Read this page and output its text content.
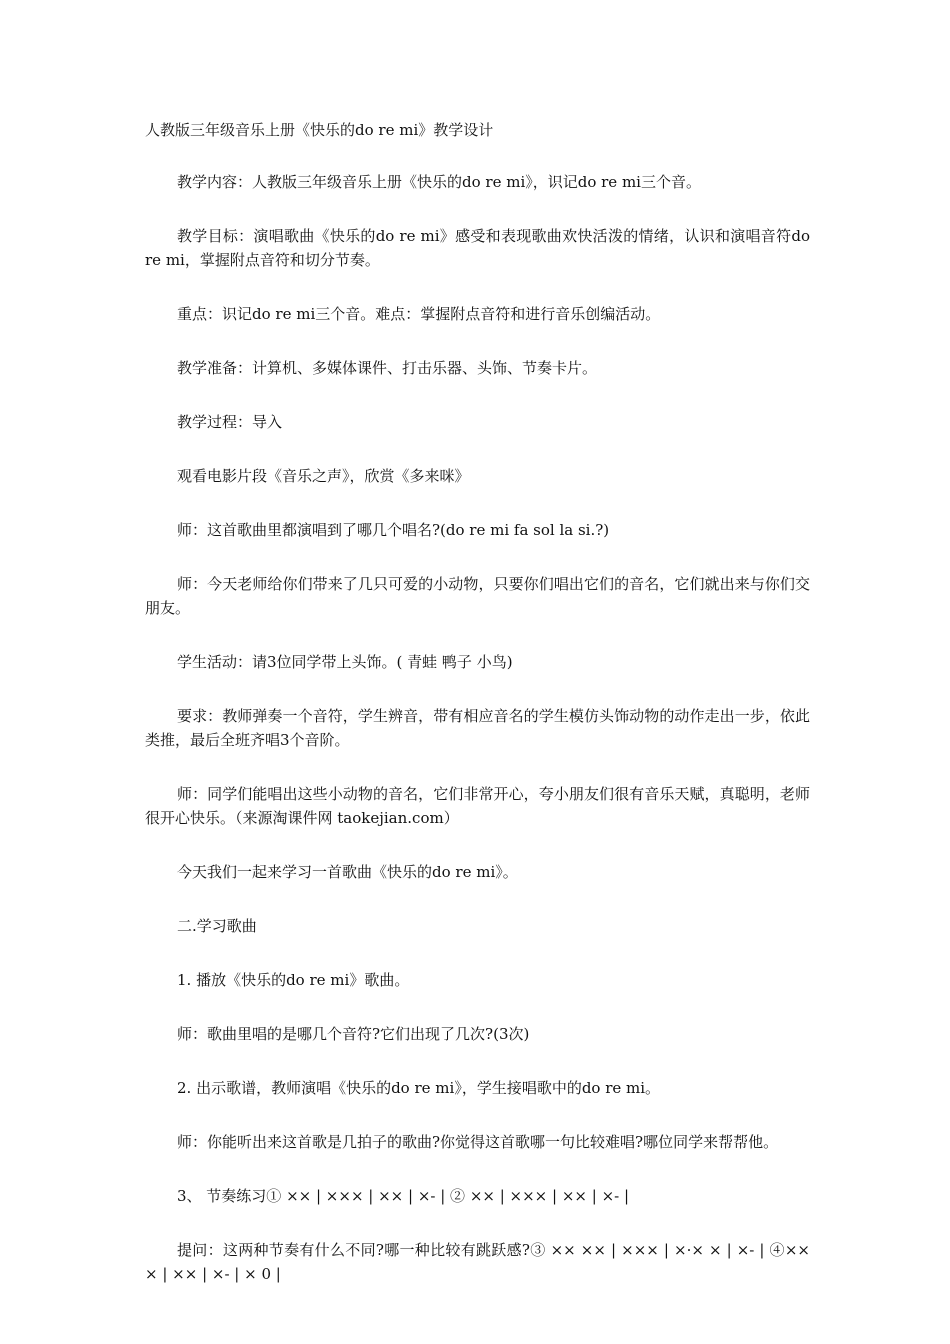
人教版三年级音乐上册《快乐的do re mi》教学设计

教学内容：人教版三年级音乐上册《快乐的do re mi》，识记do re mi三个音。

教学目标：演唱歌曲《快乐的do re mi》感受和表现歌曲欢快活泼的情绪，认识和演唱音符do re mi，掌握附点音符和切分节奏。

重点：识记do re mi三个音。难点：掌握附点音符和进行音乐创编活动。

教学准备：计算机、多媒体课件、打击乐器、头饰、节奏卡片。

教学过程：导入

观看电影片段《音乐之声》，欣赏《多来咪》

师：这首歌曲里都演唱到了哪几个唱名?(do re mi fa sol la si.?)

师：今天老师给你们带来了几只可爱的小动物，只要你们唱出它们的音名，它们就出来与你们交朋友。

学生活动：请3位同学带上头饰。( 青蛙 鸭子 小鸟)

要求：教师弹奏一个音符，学生辨音，带有相应音名的学生模仿头饰动物的动作走出一步，依此类推，最后全班齐唱3个音阶。

师：同学们能唱出这些小动物的音名，它们非常开心，夸小朋友们很有音乐天赋，真聪明，老师很开心快乐。（来源淘课件网 taokejian.com）

今天我们一起来学习一首歌曲《快乐的do re mi》。

二.学习歌曲

1. 播放《快乐的do re mi》歌曲。

师：歌曲里唱的是哪几个音符?它们出现了几次?(3次)

2. 出示歌谱，教师演唱《快乐的do re mi》，学生接唱歌中的do re mi。

师：你能听出来这首歌是几拍子的歌曲?你觉得这首歌哪一句比较难唱?哪位同学来帮帮他。

3、 节奏练习① ×× | ××× | ×× | ×- | ② ×× | ××× | ×× | ×- |

提问：这两种节奏有什么不同?哪一种比较有跳跃感?③ ×× ×× | ××× | ×·× × | ×- | ④××× | ×× | ×- | × 0 |
